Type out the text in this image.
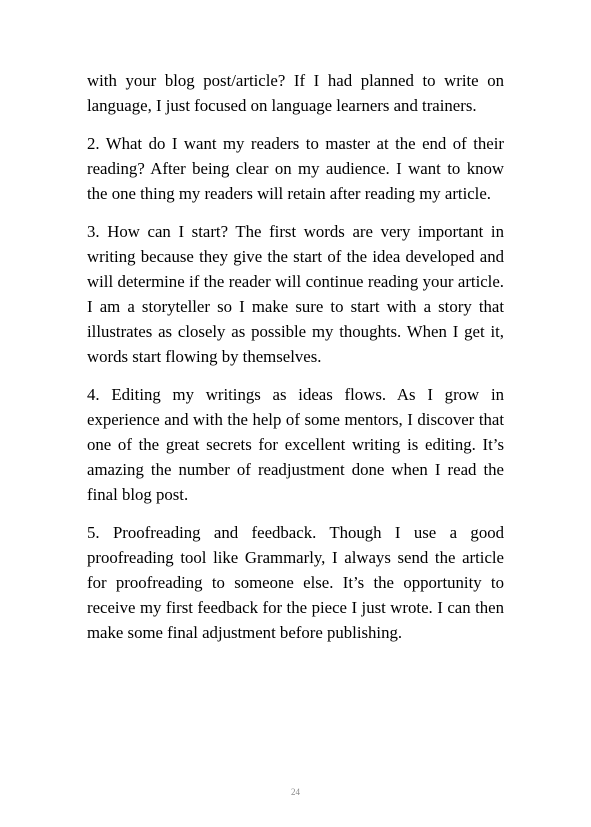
with your blog post/article? If I had planned to write on language, I just focused on language learners and trainers.

2. What do I want my readers to master at the end of their reading? After being clear on my audience. I want to know the one thing my readers will retain after reading my article.

3. How can I start? The first words are very important in writing because they give the start of the idea developed and will determine if the reader will continue reading your article. I am a storyteller so I make sure to start with a story that illustrates as closely as possible my thoughts. When I get it, words start flowing by themselves.

4. Editing my writings as ideas flows. As I grow in experience and with the help of some mentors, I discover that one of the great secrets for excellent writing is editing. It’s amazing the number of readjustment done when I read the final blog post.

5. Proofreading and feedback. Though I use a good proofreading tool like Grammarly, I always send the article for proofreading to someone else. It’s the opportunity to receive my first feedback for the piece I just wrote. I can then make some final adjustment before publishing.

24
